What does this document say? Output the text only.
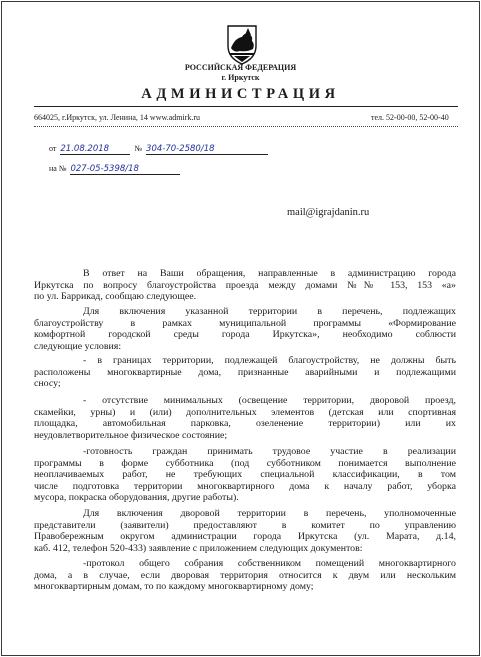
РОССИЙСКАЯ ФЕДЕРАЦИЯ
г. Иркутск
АДМИНИСТРАЦИЯ
664025, г.Иркутск, ул. Ленина, 14 www.admirk.ru	тел. 52-00-00, 52-00-40
от 21.08.2018	№ 304-70-2580/18
на № 027-05-5398/18
mail@igrajdanin.ru
В ответ на Ваши обращения, направленные в администрацию города
Иркутска по вопросу благоустройства проезда между домами №№ 153, 153 «а»
по ул. Баррикад, сообщаю следующее.
Для включения указанной территории в перечень, подлежащих
благоустройству в рамках муниципальной программы «Формирование
комфортной городской среды города Иркутска», необходимо соблюсти
следующие условия:
- в границах территории, подлежащей благоустройству, не должны быть
расположены многоквартирные дома, признанные аварийными и подлежащими
сносу;
- отсутствие минимальных (освещение территории, дворовой проезд,
скамейки, урны) и (или) дополнительных элементов (детская или спортивная
площадка, автомобильная парковка, озеленение территории) или их
неудовлетворительное физическое состояние;
-готовность граждан принимать трудовое участие в реализации
программы в форме субботника (под субботником понимается выполнение
неоплачиваемых работ, не требующих специальной классификации, в том
числе подготовка территории многоквартирного дома к началу работ, уборка
мусора, покраска оборудования, другие работы).
Для включения дворовой территории в перечень, уполномоченные
представители (заявители) предоставляют в комитет по управлению
Правобережным округом администрации города Иркутска (ул. Марата, д.14,
каб. 412, телефон 520-433) заявление с приложением следующих документов:
-протокол общего собрания собственником помещений многоквартирного
дома, а в случае, если дворовая территория относится к двум или нескольким
многоквартирным домам, то по каждому многоквартирному дому;
